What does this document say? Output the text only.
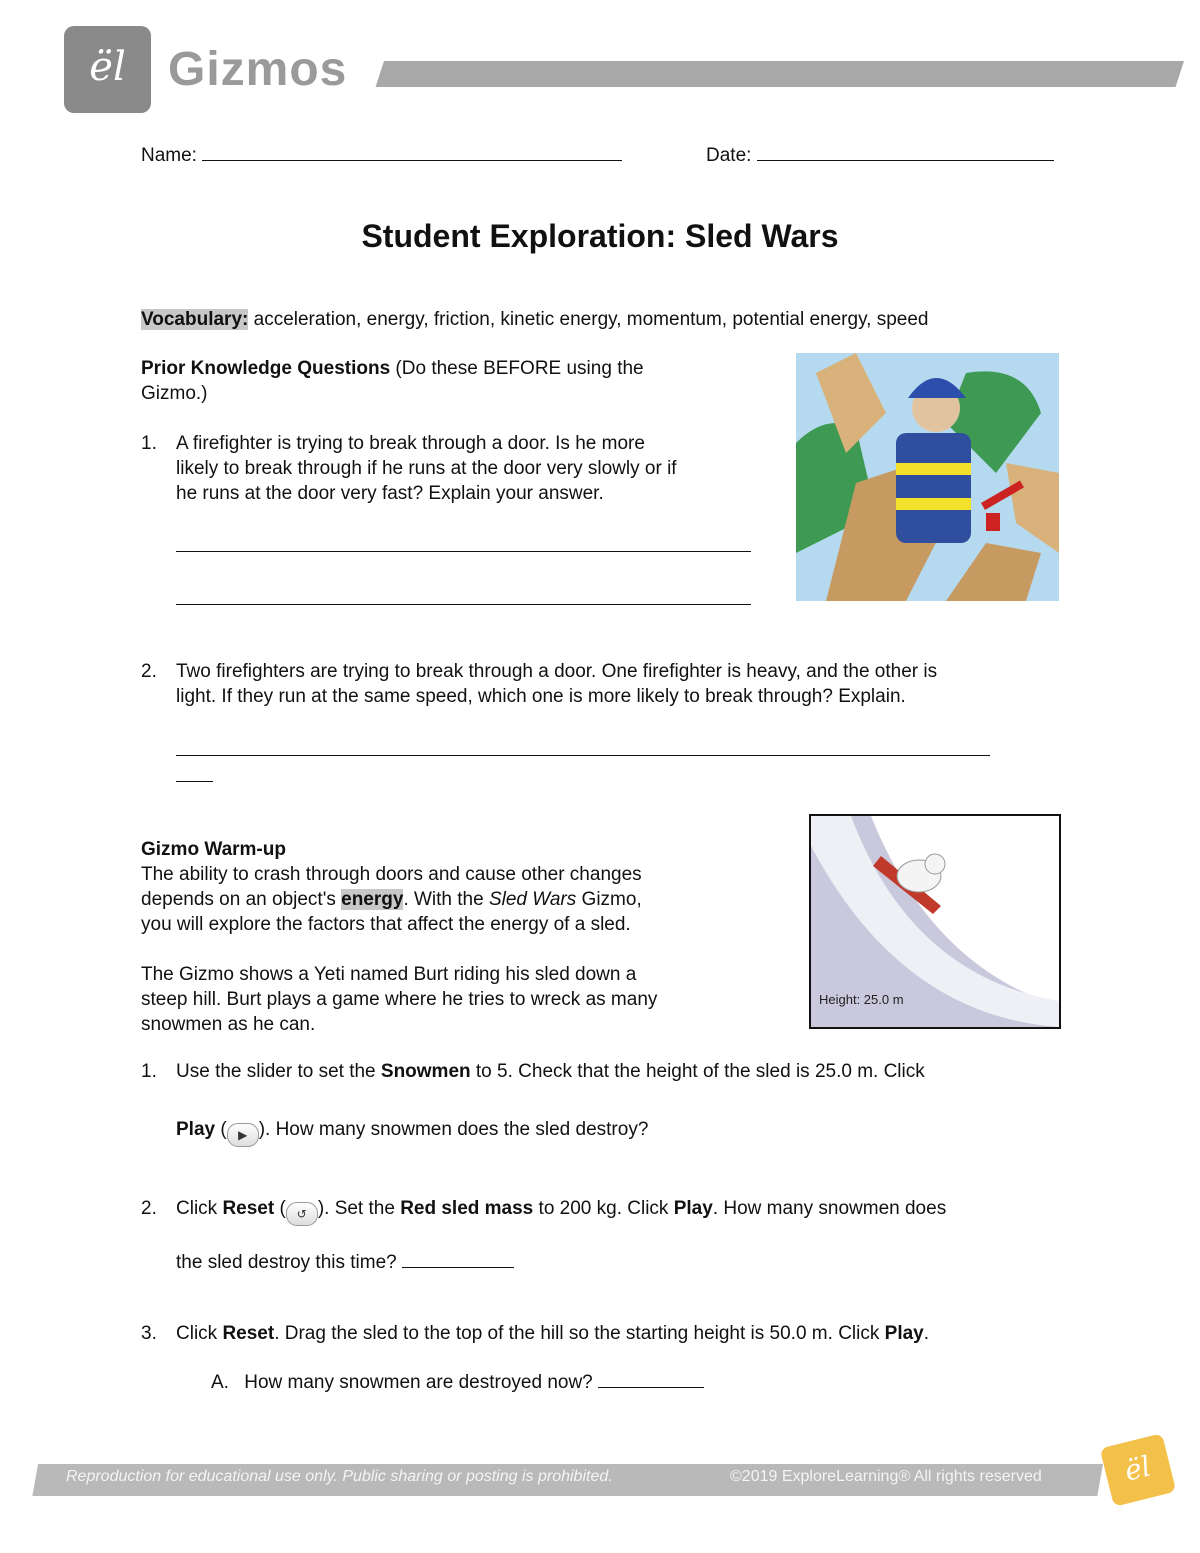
ël Gizmos
Name:	Date:
Student Exploration: Sled Wars
Vocabulary: acceleration, energy, friction, kinetic energy, momentum, potential energy, speed
Prior Knowledge Questions (Do these BEFORE using the
Gizmo.)
1. A firefighter is trying to break through a door. Is he more
likely to break through if he runs at the door very slowly or if
he runs at the door very fast? Explain your answer.
2. Two firefighters are trying to break through a door. One firefighter is heavy, and the other is
light. If they run at the same speed, which one is more likely to break through? Explain.
Gizmo Warm-up
The ability to crash through doors and cause other changes
depends on an object's energy. With the Sled Wars Gizmo,
you will explore the factors that affect the energy of a sled.
The Gizmo shows a Yeti named Burt riding his sled down a
steep hill. Burt plays a game where he tries to wreck as many
snowmen as he can.
Height: 25.0 m
1. Use the slider to set the Snowmen to 5. Check that the height of the sled is 25.0 m. Click
Play ( ▶ ). How many snowmen does the sled destroy?
2. Click Reset ( ↺ ). Set the Red sled mass to 200 kg. Click Play. How many snowmen does
the sled destroy this time?
3. Click Reset. Drag the sled to the top of the hill so the starting height is 50.0 m. Click Play.
A. How many snowmen are destroyed now?
Reproduction for educational use only. Public sharing or posting is prohibited.	©2019 ExploreLearning® All rights reserved	ël
